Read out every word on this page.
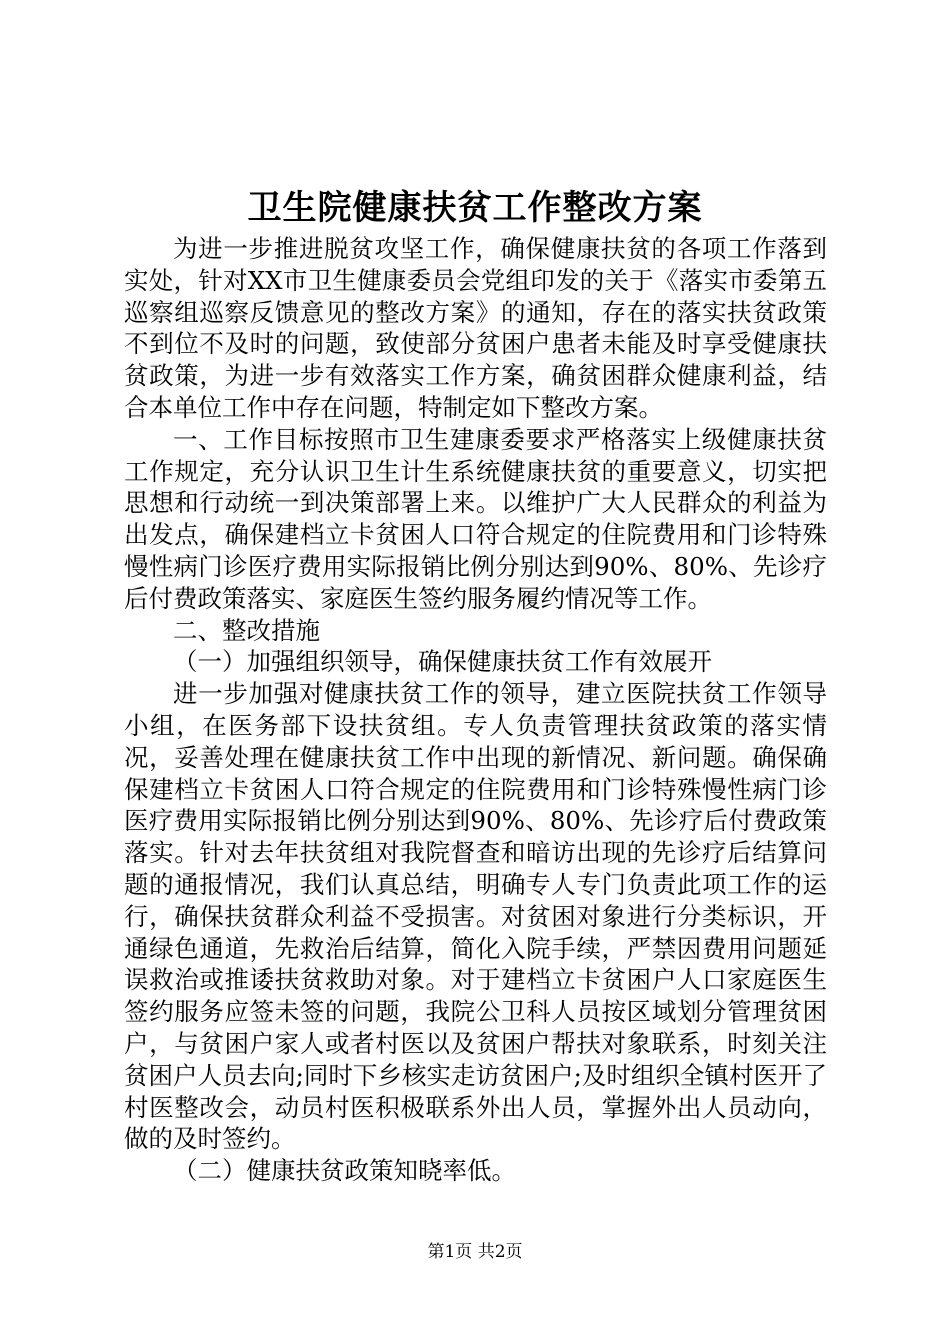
卫生院健康扶贫工作整改方案

为进一步推进脱贫攻坚工作，确保健康扶贫的各项工作落到实处，针对XX市卫生健康委员会党组印发的关于《落实市委第五巡察组巡察反馈意见的整改方案》的通知，存在的落实扶贫政策不到位不及时的问题，致使部分贫困户患者未能及时享受健康扶贫政策，为进一步有效落实工作方案，确贫困群众健康利益，结合本单位工作中存在问题，特制定如下整改方案。

一、工作目标按照市卫生建康委要求严格落实上级健康扶贫工作规定，充分认识卫生计生系统健康扶贫的重要意义，切实把思想和行动统一到决策部署上来。以维护广大人民群众的利益为出发点，确保建档立卡贫困人口符合规定的住院费用和门诊特殊慢性病门诊医疗费用实际报销比例分别达到90%、80%、先诊疗后付费政策落实、家庭医生签约服务履约情况等工作。

二、整改措施

（一）加强组织领导，确保健康扶贫工作有效展开

进一步加强对健康扶贫工作的领导，建立医院扶贫工作领导小组，在医务部下设扶贫组。专人负责管理扶贫政策的落实情况，妥善处理在健康扶贫工作中出现的新情况、新问题。确保确保建档立卡贫困人口符合规定的住院费用和门诊特殊慢性病门诊医疗费用实际报销比例分别达到90%、80%、先诊疗后付费政策落实。针对去年扶贫组对我院督查和暗访出现的先诊疗后结算问题的通报情况，我们认真总结，明确专人专门负责此项工作的运行，确保扶贫群众利益不受损害。对贫困对象进行分类标识，开通绿色通道，先救治后结算，简化入院手续，严禁因费用问题延误救治或推诿扶贫救助对象。对于建档立卡贫困户人口家庭医生签约服务应签未签的问题，我院公卫科人员按区域划分管理贫困户，与贫困户家人或者村医以及贫困户帮扶对象联系，时刻关注贫困户人员去向;同时下乡核实走访贫困户;及时组织全镇村医开了村医整改会，动员村医积极联系外出人员，掌握外出人员动向，做的及时签约。

（二）健康扶贫政策知晓率低。

第1页 共2页
